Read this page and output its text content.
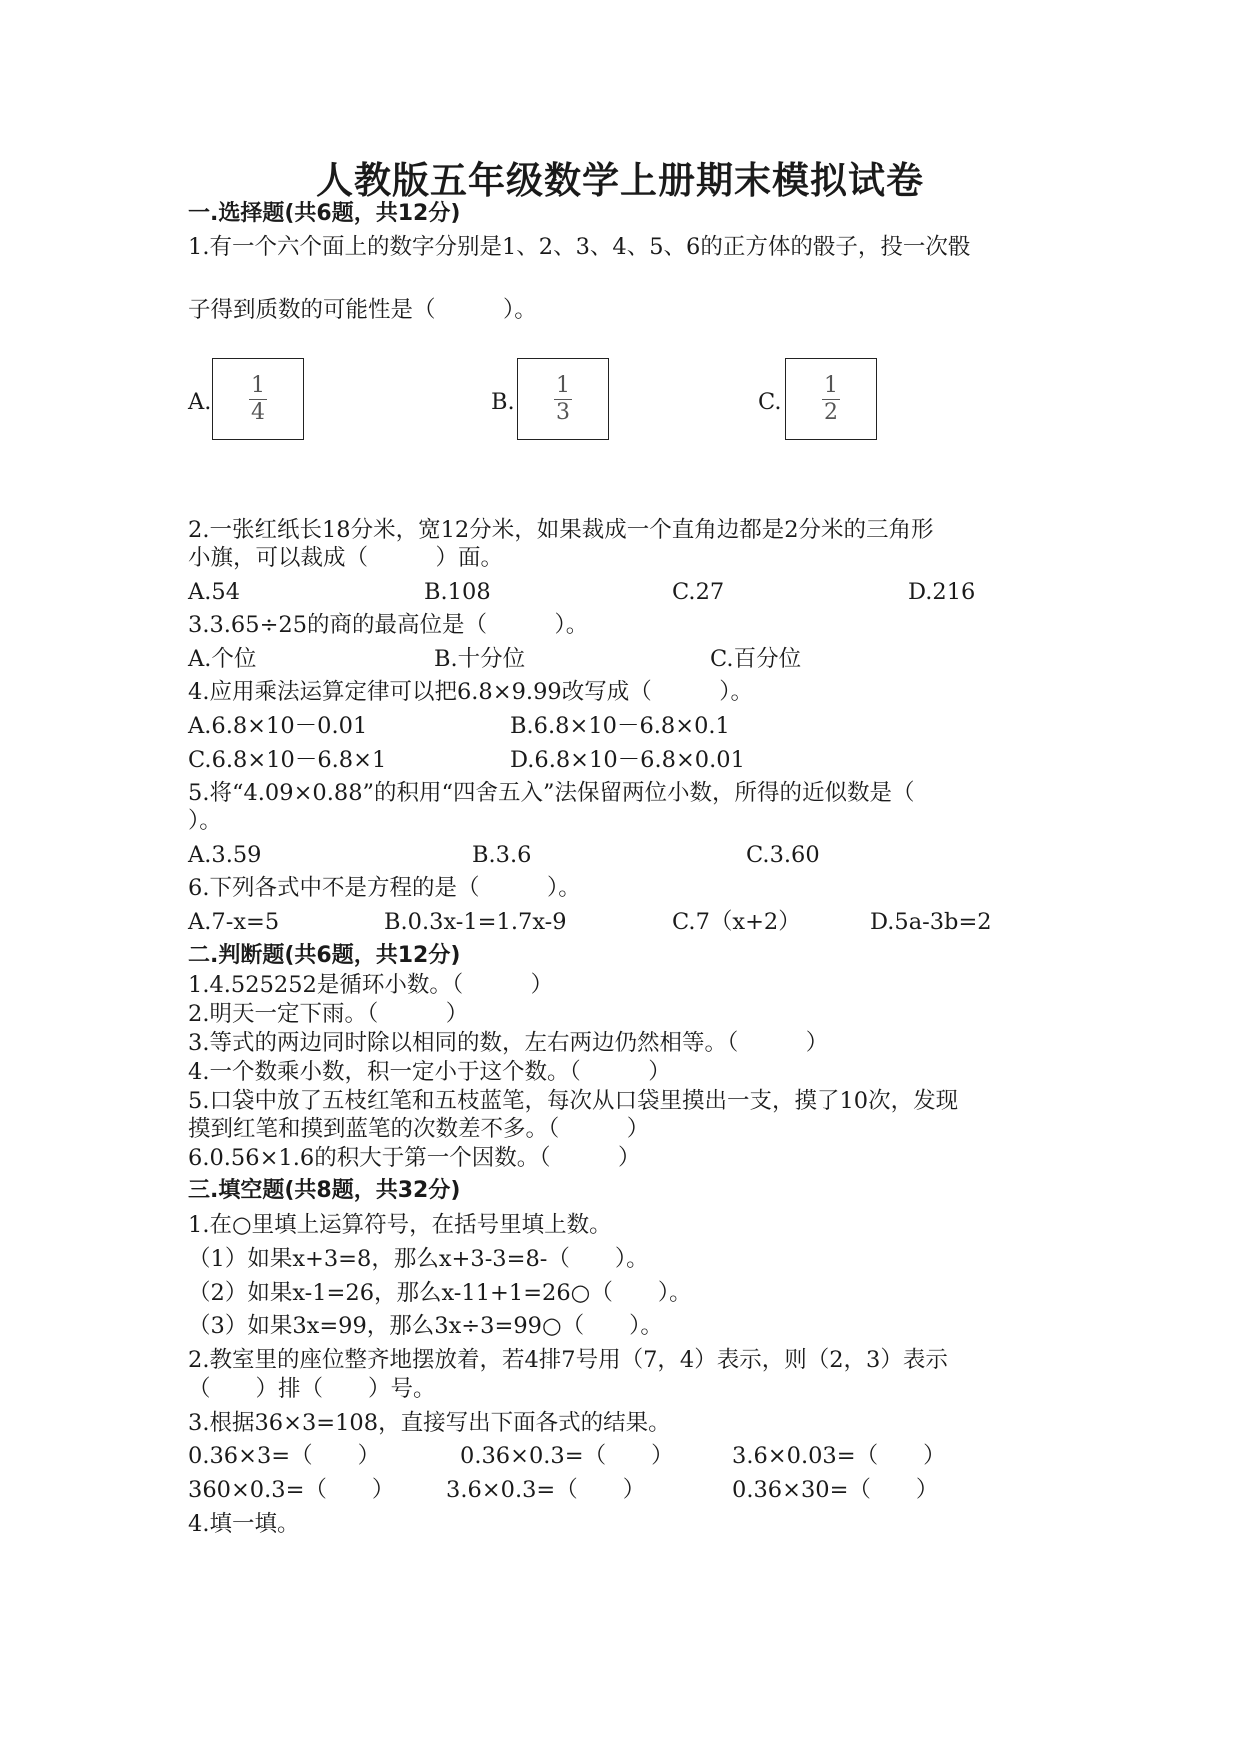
人教版五年级数学上册期末模拟试卷
一.选择题(共6题，共12分)
1.有一个六个面上的数字分别是1、2、3、4、5、6的正方体的骰子，投一次骰
子得到质数的可能性是（　　　）。
A. $\frac{1}{4}$	B. $\frac{1}{3}$	C. $\frac{1}{2}$
2.一张红纸长18分米，宽12分米，如果裁成一个直角边都是2分米的三角形
小旗，可以裁成（　　　）面。
A.54	B.108	C.27	D.216
3.3.65÷25的商的最高位是（　　　）。
A.个位	B.十分位	C.百分位
4.应用乘法运算定律可以把6.8×9.99改写成（　　　）。
A.6.8×10－0.01	B.6.8×10－6.8×0.1
C.6.8×10－6.8×1	D.6.8×10－6.8×0.01
5.将“4.09×0.88”的积用“四舍五入”法保留两位小数，所得的近似数是（
）。
A.3.59	B.3.6	C.3.60
6.下列各式中不是方程的是（　　　）。
A.7-x=5	B.0.3x-1=1.7x-9	C.7（x+2）	D.5a-3b=2
二.判断题(共6题，共12分)
1.4.525252是循环小数。（　　　）
2.明天一定下雨。（　　　）
3.等式的两边同时除以相同的数，左右两边仍然相等。（　　　）
4.一个数乘小数，积一定小于这个数。（　　　）
5.口袋中放了五枝红笔和五枝蓝笔，每次从口袋里摸出一支，摸了10次，发现
摸到红笔和摸到蓝笔的次数差不多。（　　　）
6.0.56×1.6的积大于第一个因数。（　　　）
三.填空题(共8题，共32分)
1.在○里填上运算符号，在括号里填上数。
（1）如果x+3=8，那么x+3-3=8-（　　）。
（2）如果x-1=26，那么x-11+1=26○（　　）。
（3）如果3x=99，那么3x÷3=99○（　　）。
2.教室里的座位整齐地摆放着，若4排7号用（7，4）表示，则（2，3）表示
（　　）排（　　）号。
3.根据36×3=108，直接写出下面各式的结果。
0.36×3=（　　）	0.36×0.3=（　　）	3.6×0.03=（　　）
360×0.3=（　　） 3.6×0.3=（　　）	0.36×30=（　　）
4.填一填。
